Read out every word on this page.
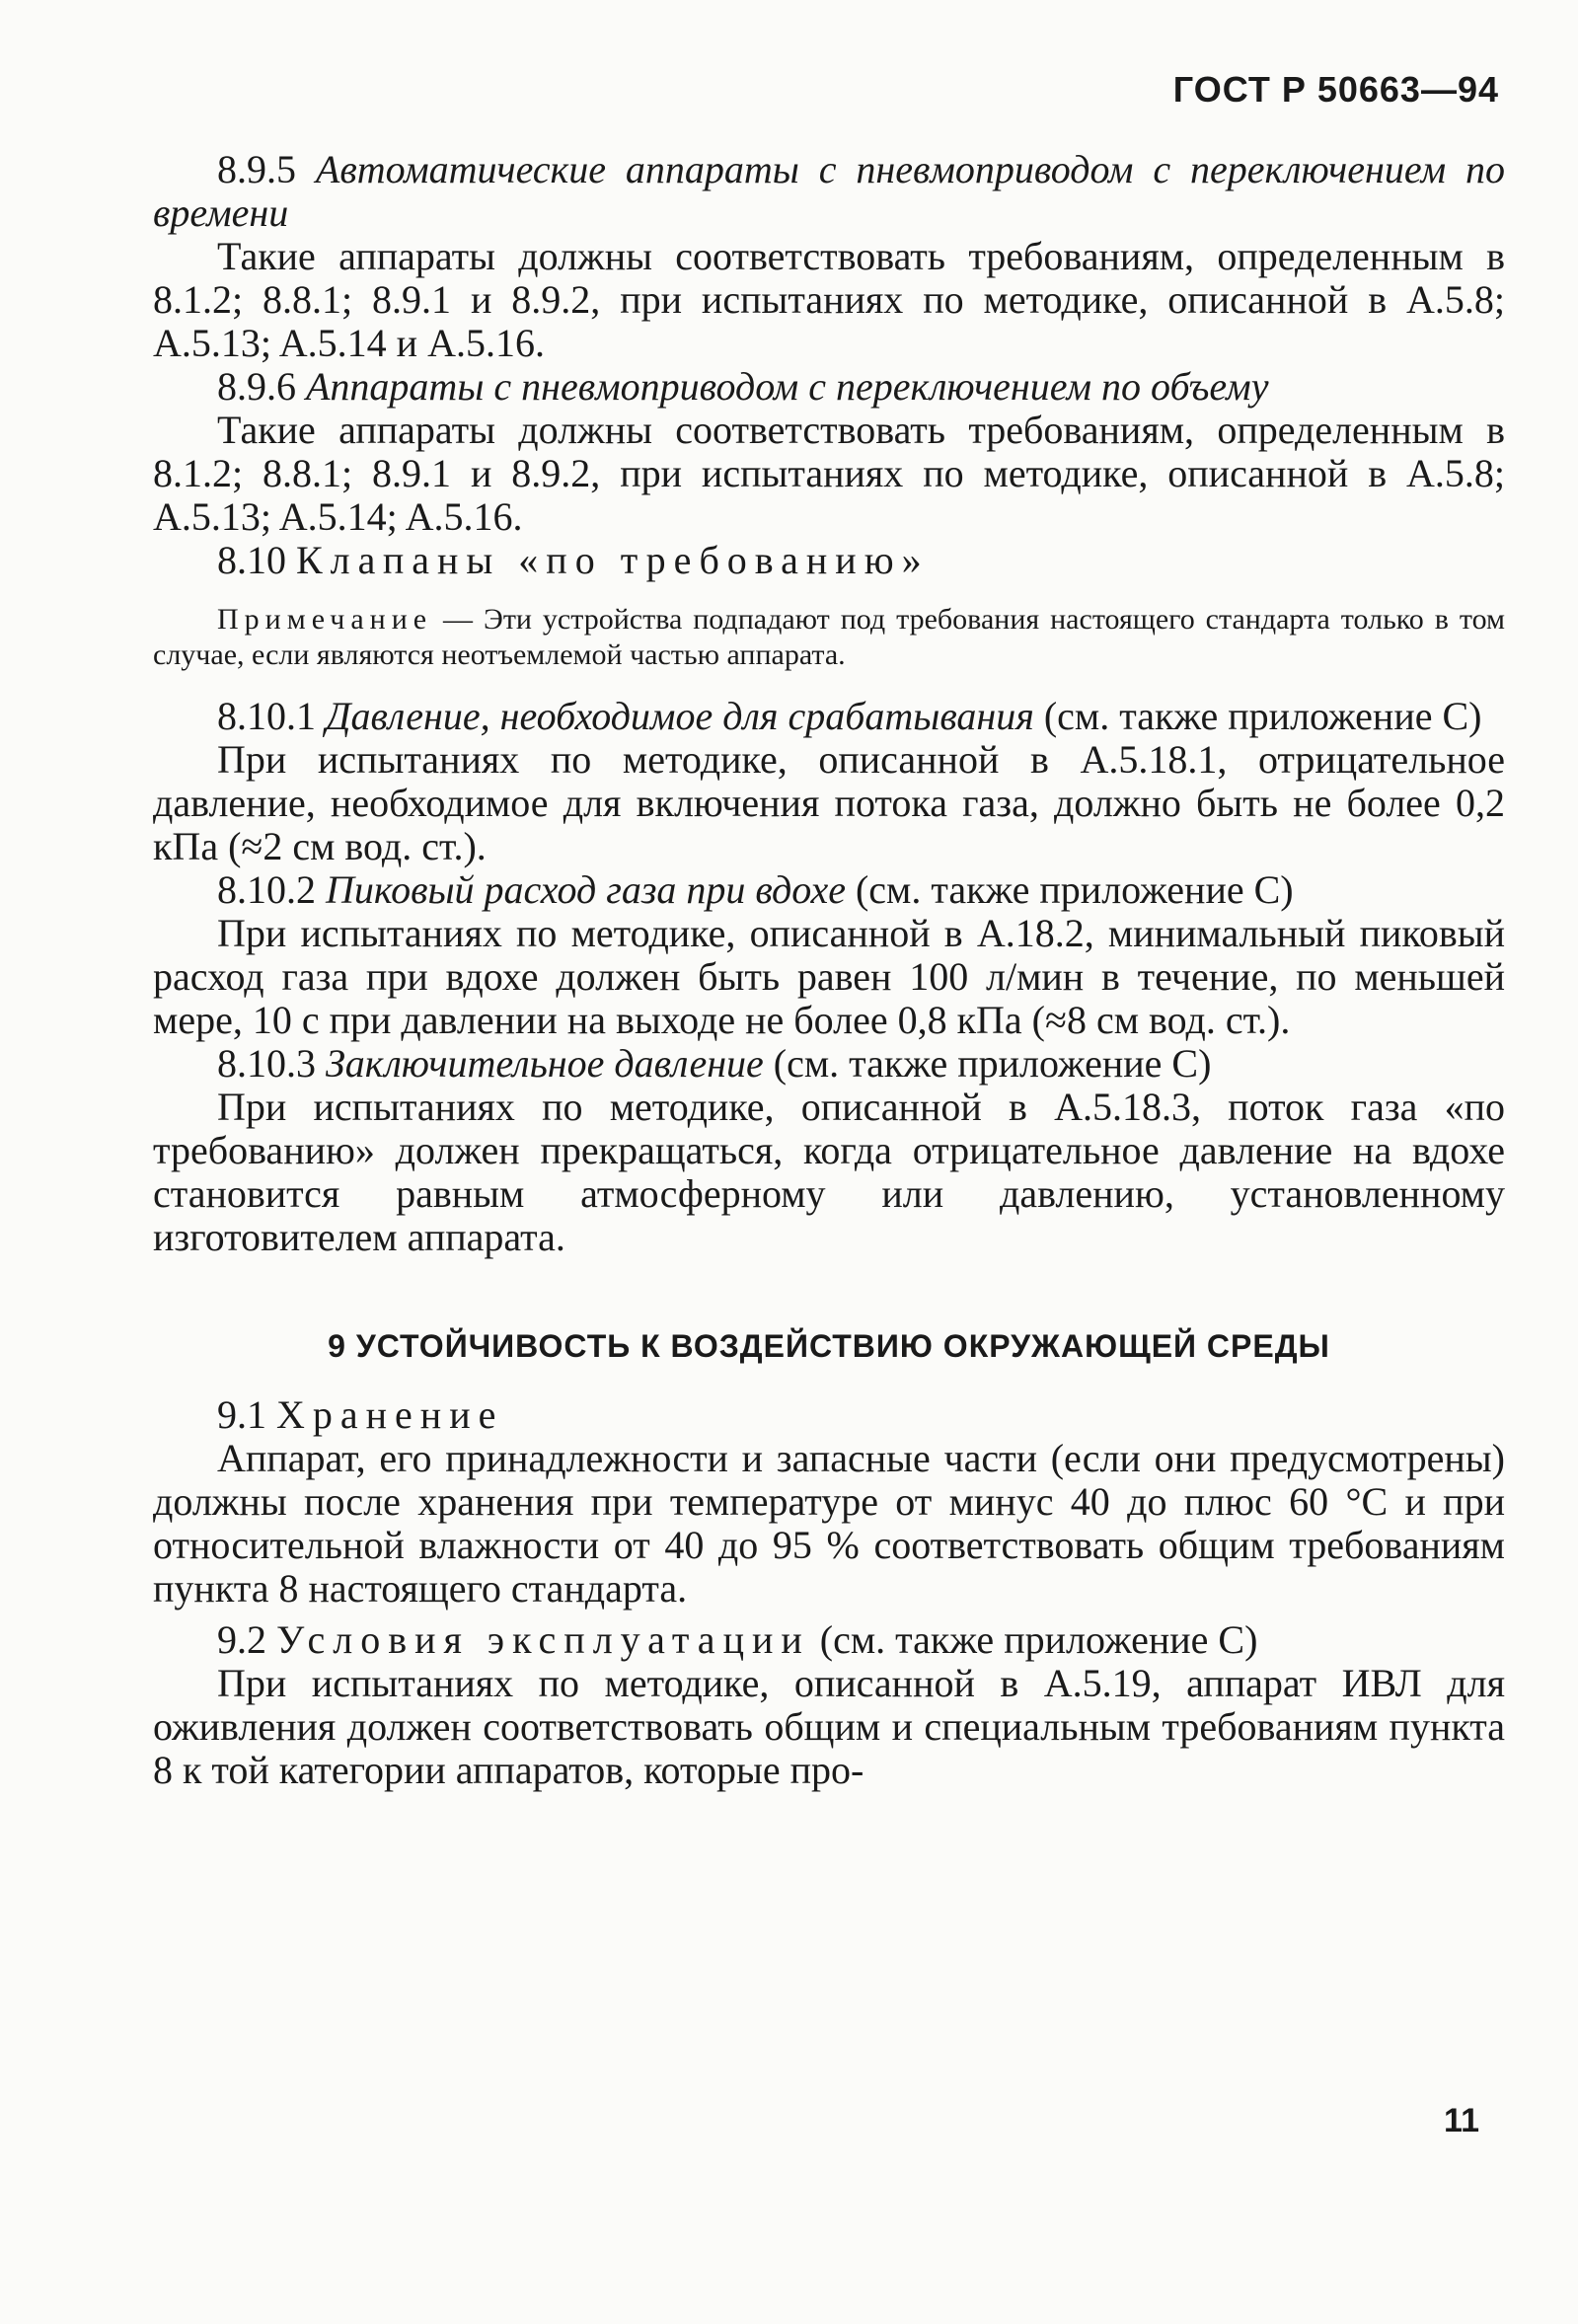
ГОСТ Р 50663—94

8.9.5 Автоматические аппараты с пневмоприводом с переключением по времени

Такие аппараты должны соответствовать требованиям, определенным в 8.1.2; 8.8.1; 8.9.1 и 8.9.2, при испытаниях по методике, описанной в A.5.8; A.5.13; A.5.14 и A.5.16.

8.9.6 Аппараты с пневмоприводом с переключением по объему

Такие аппараты должны соответствовать требованиям, определенным в 8.1.2; 8.8.1; 8.9.1 и 8.9.2, при испытаниях по методике, описанной в A.5.8; A.5.13; A.5.14; A.5.16.

8.10 Клапаны «по требованию»

Примечание — Эти устройства подпадают под требования настоящего стандарта только в том случае, если являются неотъемлемой частью аппарата.

8.10.1 Давление, необходимое для срабатывания (см. также приложение С)

При испытаниях по методике, описанной в A.5.18.1, отрицательное давление, необходимое для включения потока газа, должно быть не более 0,2 кПа (≈2 см вод. ст.).

8.10.2 Пиковый расход газа при вдохе (см. также приложение С)

При испытаниях по методике, описанной в A.18.2, минимальный пиковый расход газа при вдохе должен быть равен 100 л/мин в течение, по меньшей мере, 10 с при давлении на выходе не более 0,8 кПа (≈8 см вод. ст.).

8.10.3 Заключительное давление (см. также приложение С)

При испытаниях по методике, описанной в A.5.18.3, поток газа «по требованию» должен прекращаться, когда отрицательное давление на вдохе становится равным атмосферному или давлению, установленному изготовителем аппарата.

9 УСТОЙЧИВОСТЬ К ВОЗДЕЙСТВИЮ ОКРУЖАЮЩЕЙ СРЕДЫ

9.1 Хранение

Аппарат, его принадлежности и запасные части (если они предусмотрены) должны после хранения при температуре от минус 40 до плюс 60 °С и при относительной влажности от 40 до 95 % соответствовать общим требованиям пункта 8 настоящего стандарта.

9.2 Условия эксплуатации (см. также приложение С)

При испытаниях по методике, описанной в A.5.19, аппарат ИВЛ для оживления должен соответствовать общим и специальным требованиям пункта 8 к той категории аппаратов, которые про-

11
